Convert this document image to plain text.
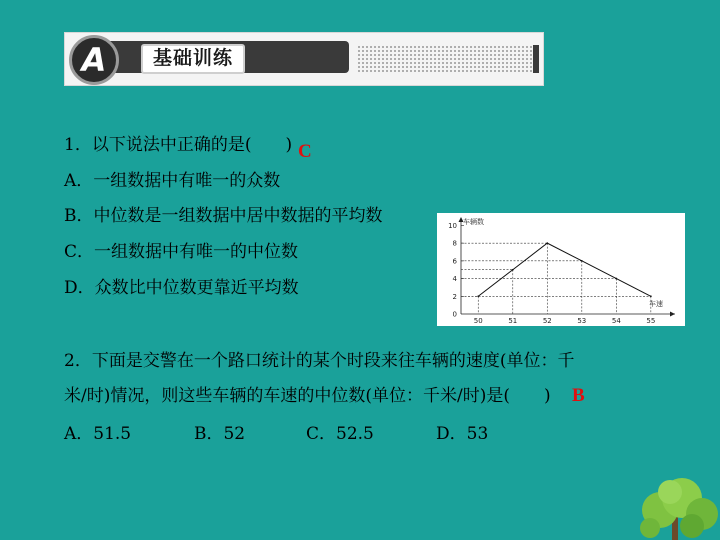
A	基础训练
1．以下说法中正确的是(　　) C
A．一组数据中有唯一的众数
B．中位数是一组数据中居中数据的平均数
C．一组数据中有唯一的中位数
D．众数比中位数更靠近平均数
车辆数
车速
0
2
4
6
8
10
50	51	52	53	54	55
2．下面是交警在一个路口统计的某个时段来往车辆的速度(单位：千
米/时)情况，则这些车辆的车速的中位数(单位：千米/时)是(　　) B
A．51.5	B．52	C．52.5	D．53
